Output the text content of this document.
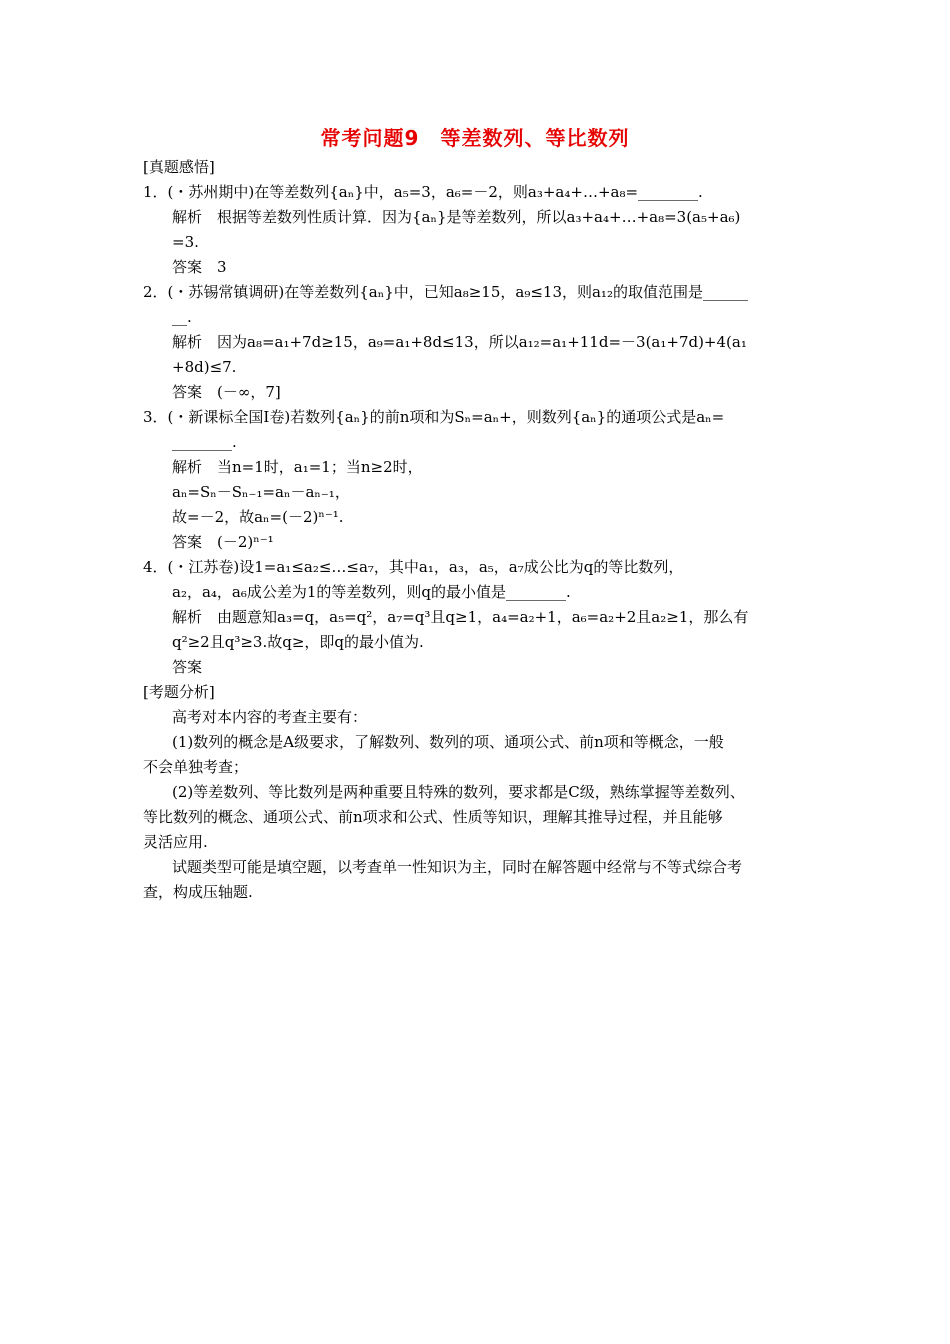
常考问题9　等差数列、等比数列
[真题感悟]
1．(・苏州期中)在等差数列{aₙ}中，a₅=3，a₆=－2，则a₃+a₄+…+a₈=________.
解析　根据等差数列性质计算．因为{aₙ}是等差数列，所以a₃+a₄+…+a₈=3(a₅+a₆)
=3.
答案　3
2．(・苏锡常镇调研)在等差数列{aₙ}中，已知a₈≥15，a₉≤13，则a₁₂的取值范围是______
__.
解析　因为a₈=a₁+7d≥15，a₉=a₁+8d≤13，所以a₁₂=a₁+11d=－3(a₁+7d)+4(a₁
+8d)≤7.
答案　(－∞，7]
3．(・新课标全国Ⅰ卷)若数列{aₙ}的前n项和为Sₙ=aₙ+，则数列{aₙ}的通项公式是aₙ=
________.
解析　当n=1时，a₁=1；当n≥2时，
aₙ=Sₙ－Sₙ₋₁=aₙ－aₙ₋₁，
故=－2，故aₙ=(－2)ⁿ⁻¹.
答案　(－2)ⁿ⁻¹
4．(・江苏卷)设1=a₁≤a₂≤…≤a₇，其中a₁，a₃，a₅，a₇成公比为q的等比数列，
a₂，a₄，a₆成公差为1的等差数列，则q的最小值是________.
解析　由题意知a₃=q，a₅=q²，a₇=q³且q≥1，a₄=a₂+1，a₆=a₂+2且a₂≥1，那么有
q²≥2且q³≥3.故q≥，即q的最小值为.
答案
[考题分析]
高考对本内容的考查主要有：
(1)数列的概念是A级要求，了解数列、数列的项、通项公式、前n项和等概念，一般
不会单独考查；
(2)等差数列、等比数列是两种重要且特殊的数列，要求都是C级，熟练掌握等差数列、
等比数列的概念、通项公式、前n项求和公式、性质等知识，理解其推导过程，并且能够
灵活应用.
试题类型可能是填空题，以考查单一性知识为主，同时在解答题中经常与不等式综合考
查，构成压轴题.
